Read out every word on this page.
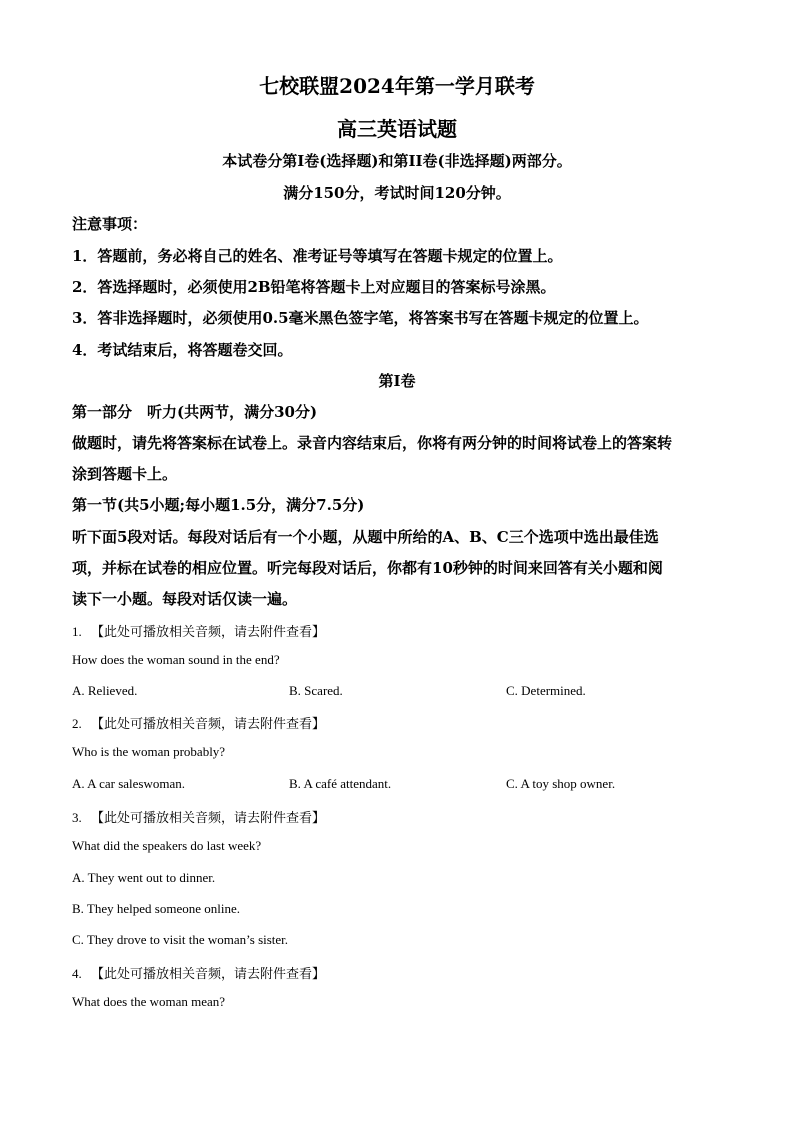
七校联盟2024年第一学月联考
高三英语试题
本试卷分第I卷(选择题)和第II卷(非选择题)两部分。
满分150分，考试时间120分钟。
注意事项：
1．答题前，务必将自己的姓名、准考证号等填写在答题卡规定的位置上。
2．答选择题时，必须使用2B铅笔将答题卡上对应题目的答案标号涂黑。
3．答非选择题时，必须使用0.5毫米黑色签字笔，将答案书写在答题卡规定的位置上。
4．考试结束后，将答题卷交回。
第I卷
第一部分　听力(共两节，满分30分)
做题时，请先将答案标在试卷上。录音内容结束后，你将有两分钟的时间将试卷上的答案转
涂到答题卡上。
第一节(共5小题;每小题1.5分，满分7.5分)
听下面5段对话。每段对话后有一个小题，从题中所给的A、B、C三个选项中选出最佳选
项，并标在试卷的相应位置。听完每段对话后，你都有10秒钟的时间来回答有关小题和阅
读下一小题。每段对话仅读一遍。
1. 【此处可播放相关音频，请去附件查看】
How does the woman sound in the end?
A. Relieved.	B. Scared.	C. Determined.
2. 【此处可播放相关音频，请去附件查看】
Who is the woman probably?
A. A car saleswoman.	B. A café attendant.	C. A toy shop owner.
3. 【此处可播放相关音频，请去附件查看】
What did the speakers do last week?
A. They went out to dinner.
B. They helped someone online.
C. They drove to visit the woman’s sister.
4. 【此处可播放相关音频，请去附件查看】
What does the woman mean?
